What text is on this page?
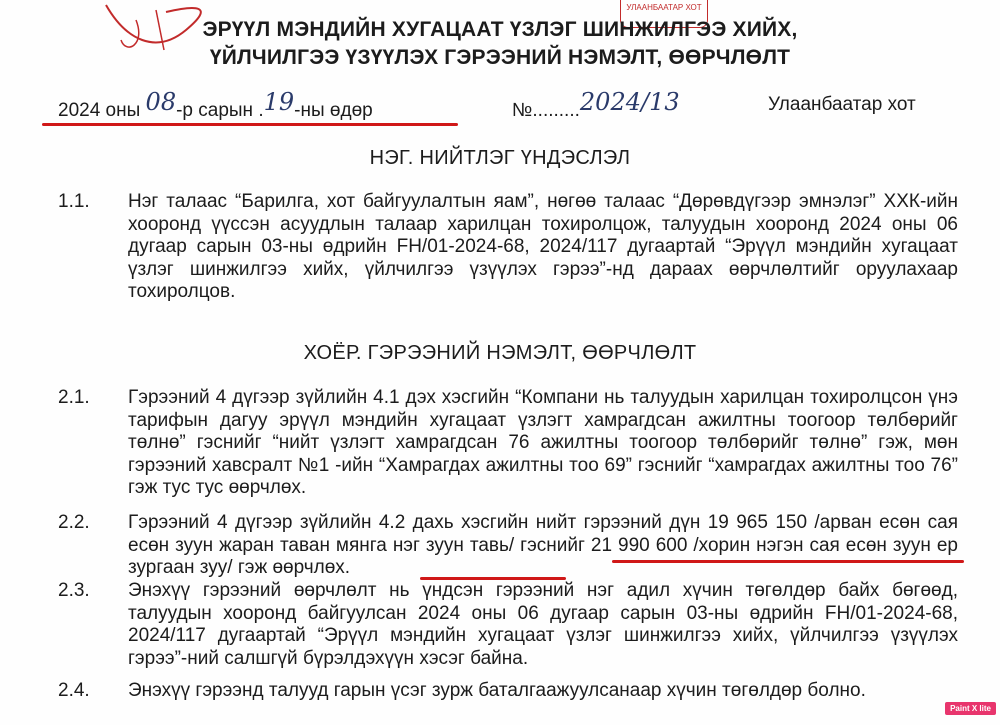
УЛААНБААТАР ХОТ
ЭРҮҮЛ МЭНДИЙН ХУГАЦААТ ҮЗЛЭГ ШИНЖИЛГЭЭ ХИЙХ,
ҮЙЛЧИЛГЭЭ ҮЗҮҮЛЭХ ГЭРЭЭНИЙ НЭМЭЛТ, ӨӨРЧЛӨЛТ
2024 оны 08-р сарын .19-ны өдөр	№.........2024/13	Улаанбаатар хот
НЭГ. НИЙТЛЭГ ҮНДЭСЛЭЛ
1.1. Нэг талаас “Барилга, хот байгуулалтын яам”, нөгөө талаас “Дөрөвдүгээр эмнэлэг” ХХК-ийн хооронд үүссэн асуудлын талаар харилцан тохиролцож, талуудын хооронд 2024 оны 06 дугаар сарын 03-ны өдрийн FH/01-2024-68, 2024/117 дугаартай “Эрүүл мэндийн хугацаат үзлэг шинжилгээ хийх, үйлчилгээ үзүүлэх гэрээ”-нд дараах өөрчлөлтийг оруулахаар тохиролцов.
ХОЁР. ГЭРЭЭНИЙ НЭМЭЛТ, ӨӨРЧЛӨЛТ
2.1. Гэрээний 4 дүгээр зүйлийн 4.1 дэх хэсгийн “Компани нь талуудын харилцан тохиролцсон үнэ тарифын дагуу эрүүл мэндийн хугацаат үзлэгт хамрагдсан ажилтны тоогоор төлбөрийг төлнө” гэснийг “нийт үзлэгт хамрагдсан 76 ажилтны тоогоор төлбөрийг төлнө” гэж, мөн гэрээний хавсралт №1 -ийн “Хамрагдах ажилтны тоо 69” гэснийг “хамрагдах ажилтны тоо 76” гэж тус тус өөрчлөх.
2.2. Гэрээний 4 дүгээр зүйлийн 4.2 дахь хэсгийн нийт гэрээний дүн 19 965 150 /арван есөн сая есөн зуун жаран таван мянга нэг зуун тавь/ гэснийг 21 990 600 /хорин нэгэн сая есөн зуун ер зургаан зуу/ гэж өөрчлөх.
2.3. Энэхүү гэрээний өөрчлөлт нь үндсэн гэрээний нэг адил хүчин төгөлдөр байх бөгөөд, талуудын хооронд байгуулсан 2024 оны 06 дугаар сарын 03-ны өдрийн FH/01-2024-68, 2024/117 дугаартай “Эрүүл мэндийн хугацаат үзлэг шинжилгээ хийх, үйлчилгээ үзүүлэх гэрээ”-ний салшгүй бүрэлдэхүүн хэсэг байна.
2.4. Энэхүү гэрээнд талууд гарын үсэг зурж баталгаажуулсанаар хүчин төгөлдөр болно.
Paint X lite
